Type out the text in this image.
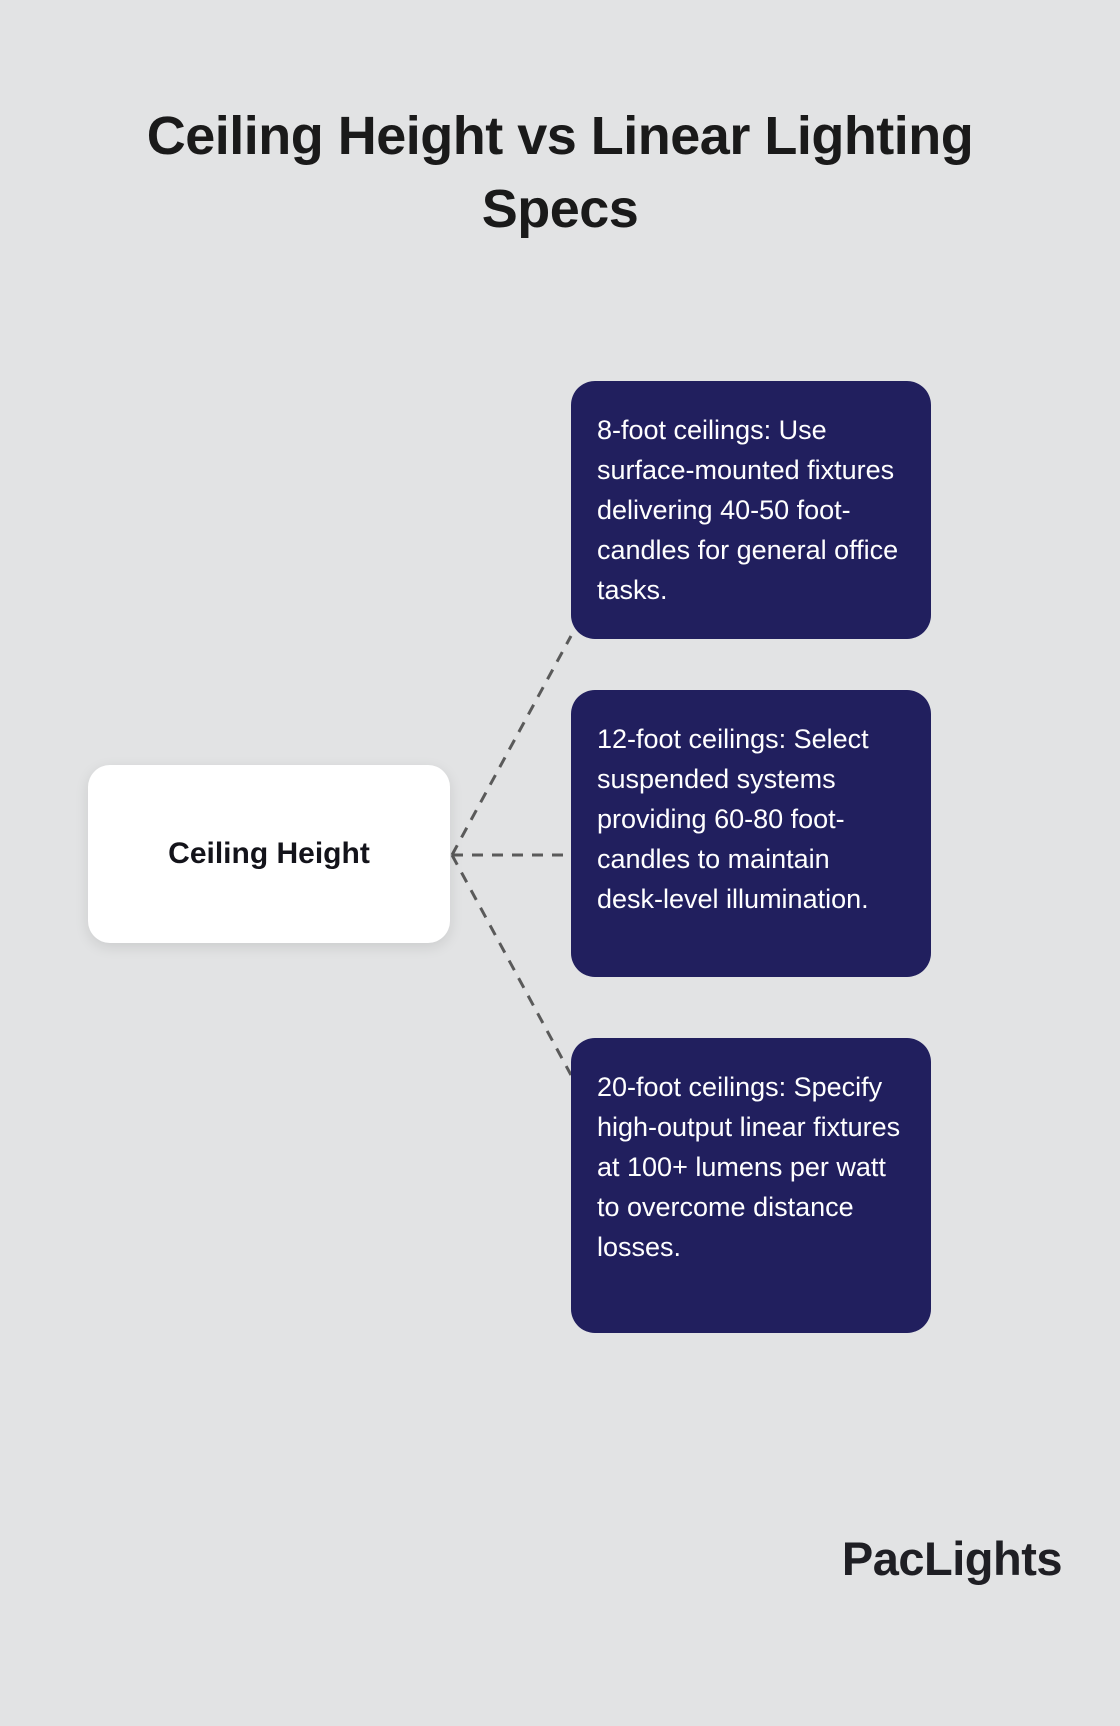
Ceiling Height vs Linear Lighting Specs
Ceiling Height
8-foot ceilings: Use surface-mounted fixtures delivering 40-50 foot-candles for general office tasks.
12-foot ceilings: Select suspended systems providing 60-80 foot-candles to maintain desk-level illumination.
20-foot ceilings: Specify high-output linear fixtures at 100+ lumens per watt to overcome distance losses.
PacLights
